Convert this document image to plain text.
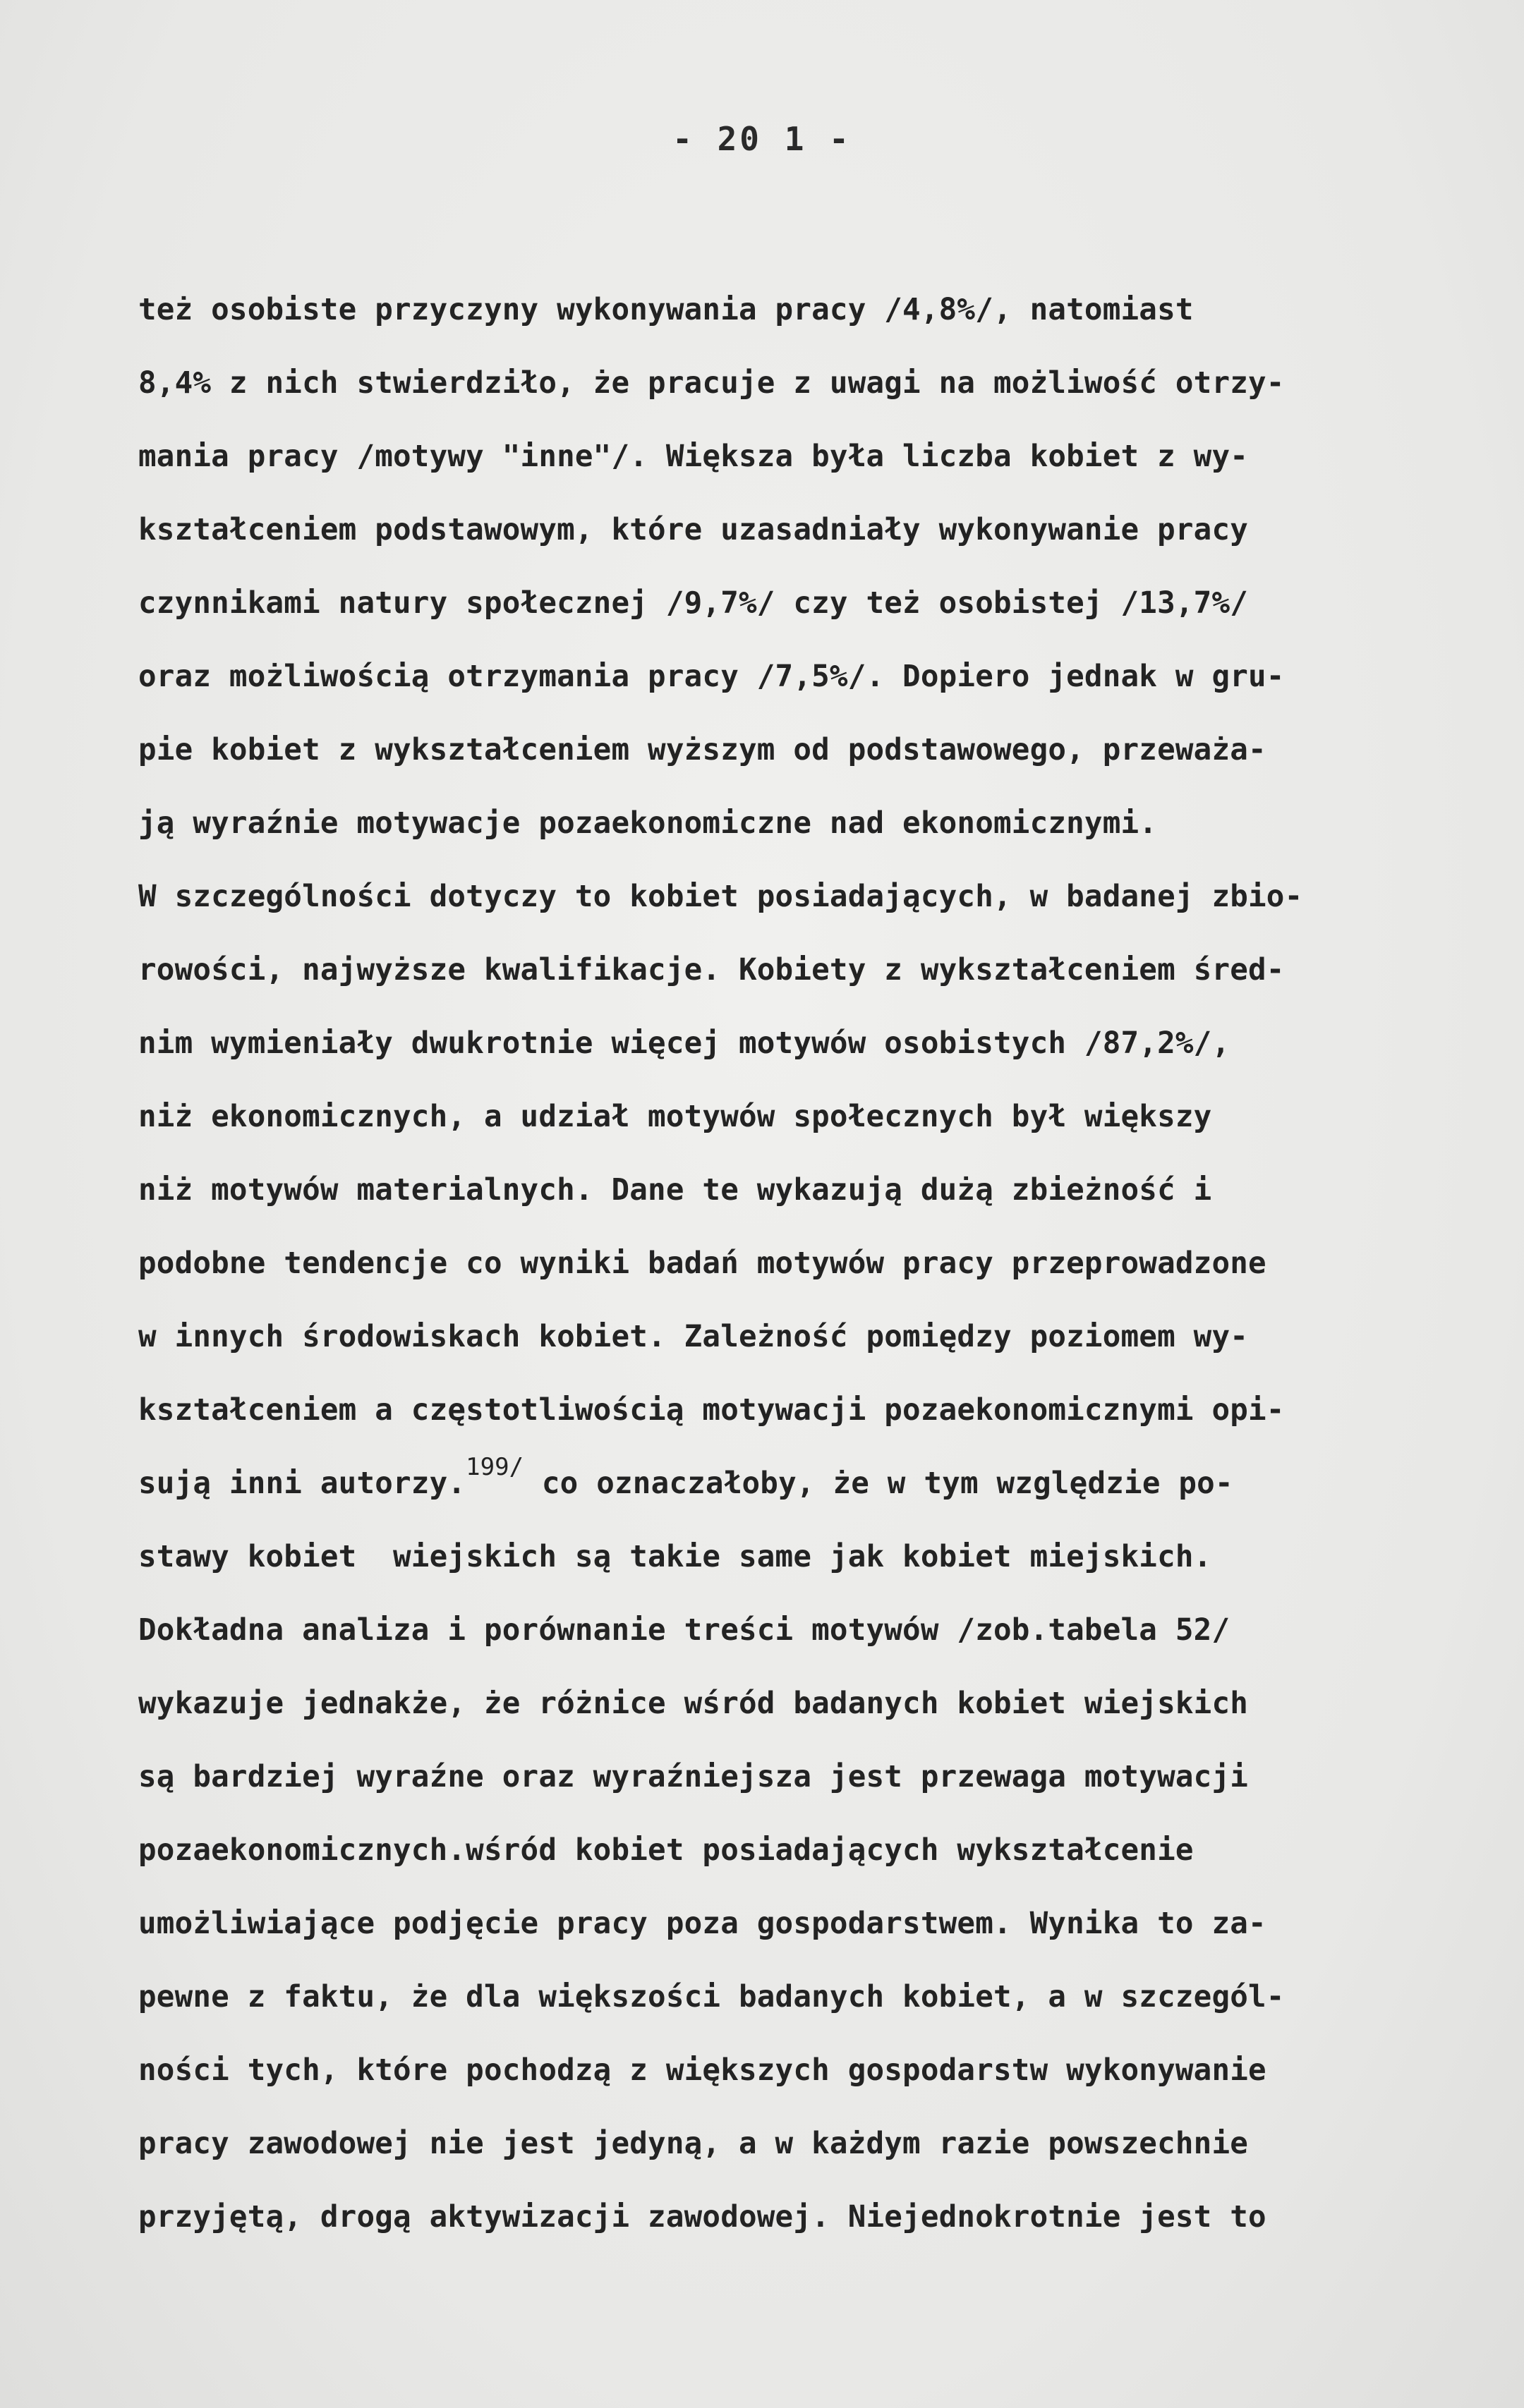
- 20 1 -
też osobiste przyczyny wykonywania pracy /4,8%/, natomiast
8,4% z nich stwierdziło, że pracuje z uwagi na możliwość otrzy-
mania pracy /motywy "inne"/. Większa była liczba kobiet z wy-
kształceniem podstawowym, które uzasadniały wykonywanie pracy
czynnikami natury społecznej /9,7%/ czy też osobistej /13,7%/
oraz możliwością otrzymania pracy /7,5%/. Dopiero jednak w gru-
pie kobiet z wykształceniem wyższym od podstawowego, przeważa-
ją wyraźnie motywacje pozaekonomiczne nad ekonomicznymi.
W szczególności dotyczy to kobiet posiadających, w badanej zbio-
rowości, najwyższe kwalifikacje. Kobiety z wykształceniem śred-
nim wymieniały dwukrotnie więcej motywów osobistych /87,2%/,
niż ekonomicznych, a udział motywów społecznych był większy
niż motywów materialnych. Dane te wykazują dużą zbieżność i
podobne tendencje co wyniki badań motywów pracy przeprowadzone
w innych środowiskach kobiet. Zależność pomiędzy poziomem wy-
kształceniem a częstotliwością motywacji pozaekonomicznymi opi-
sują inni autorzy.$^{199/}$ co oznaczałoby, że w tym względzie po-
stawy kobiet  wiejskich są takie same jak kobiet miejskich.
Dokładna analiza i porównanie treści motywów /zob.tabela 52/
wykazuje jednakże, że różnice wśród badanych kobiet wiejskich
są bardziej wyraźne oraz wyraźniejsza jest przewaga motywacji
pozaekonomicznych.wśród kobiet posiadających wykształcenie
umożliwiające podjęcie pracy poza gospodarstwem. Wynika to za-
pewne z faktu, że dla większości badanych kobiet, a w szczegól-
ności tych, które pochodzą z większych gospodarstw wykonywanie
pracy zawodowej nie jest jedyną, a w każdym razie powszechnie
przyjętą, drogą aktywizacji zawodowej. Niejednokrotnie jest to
